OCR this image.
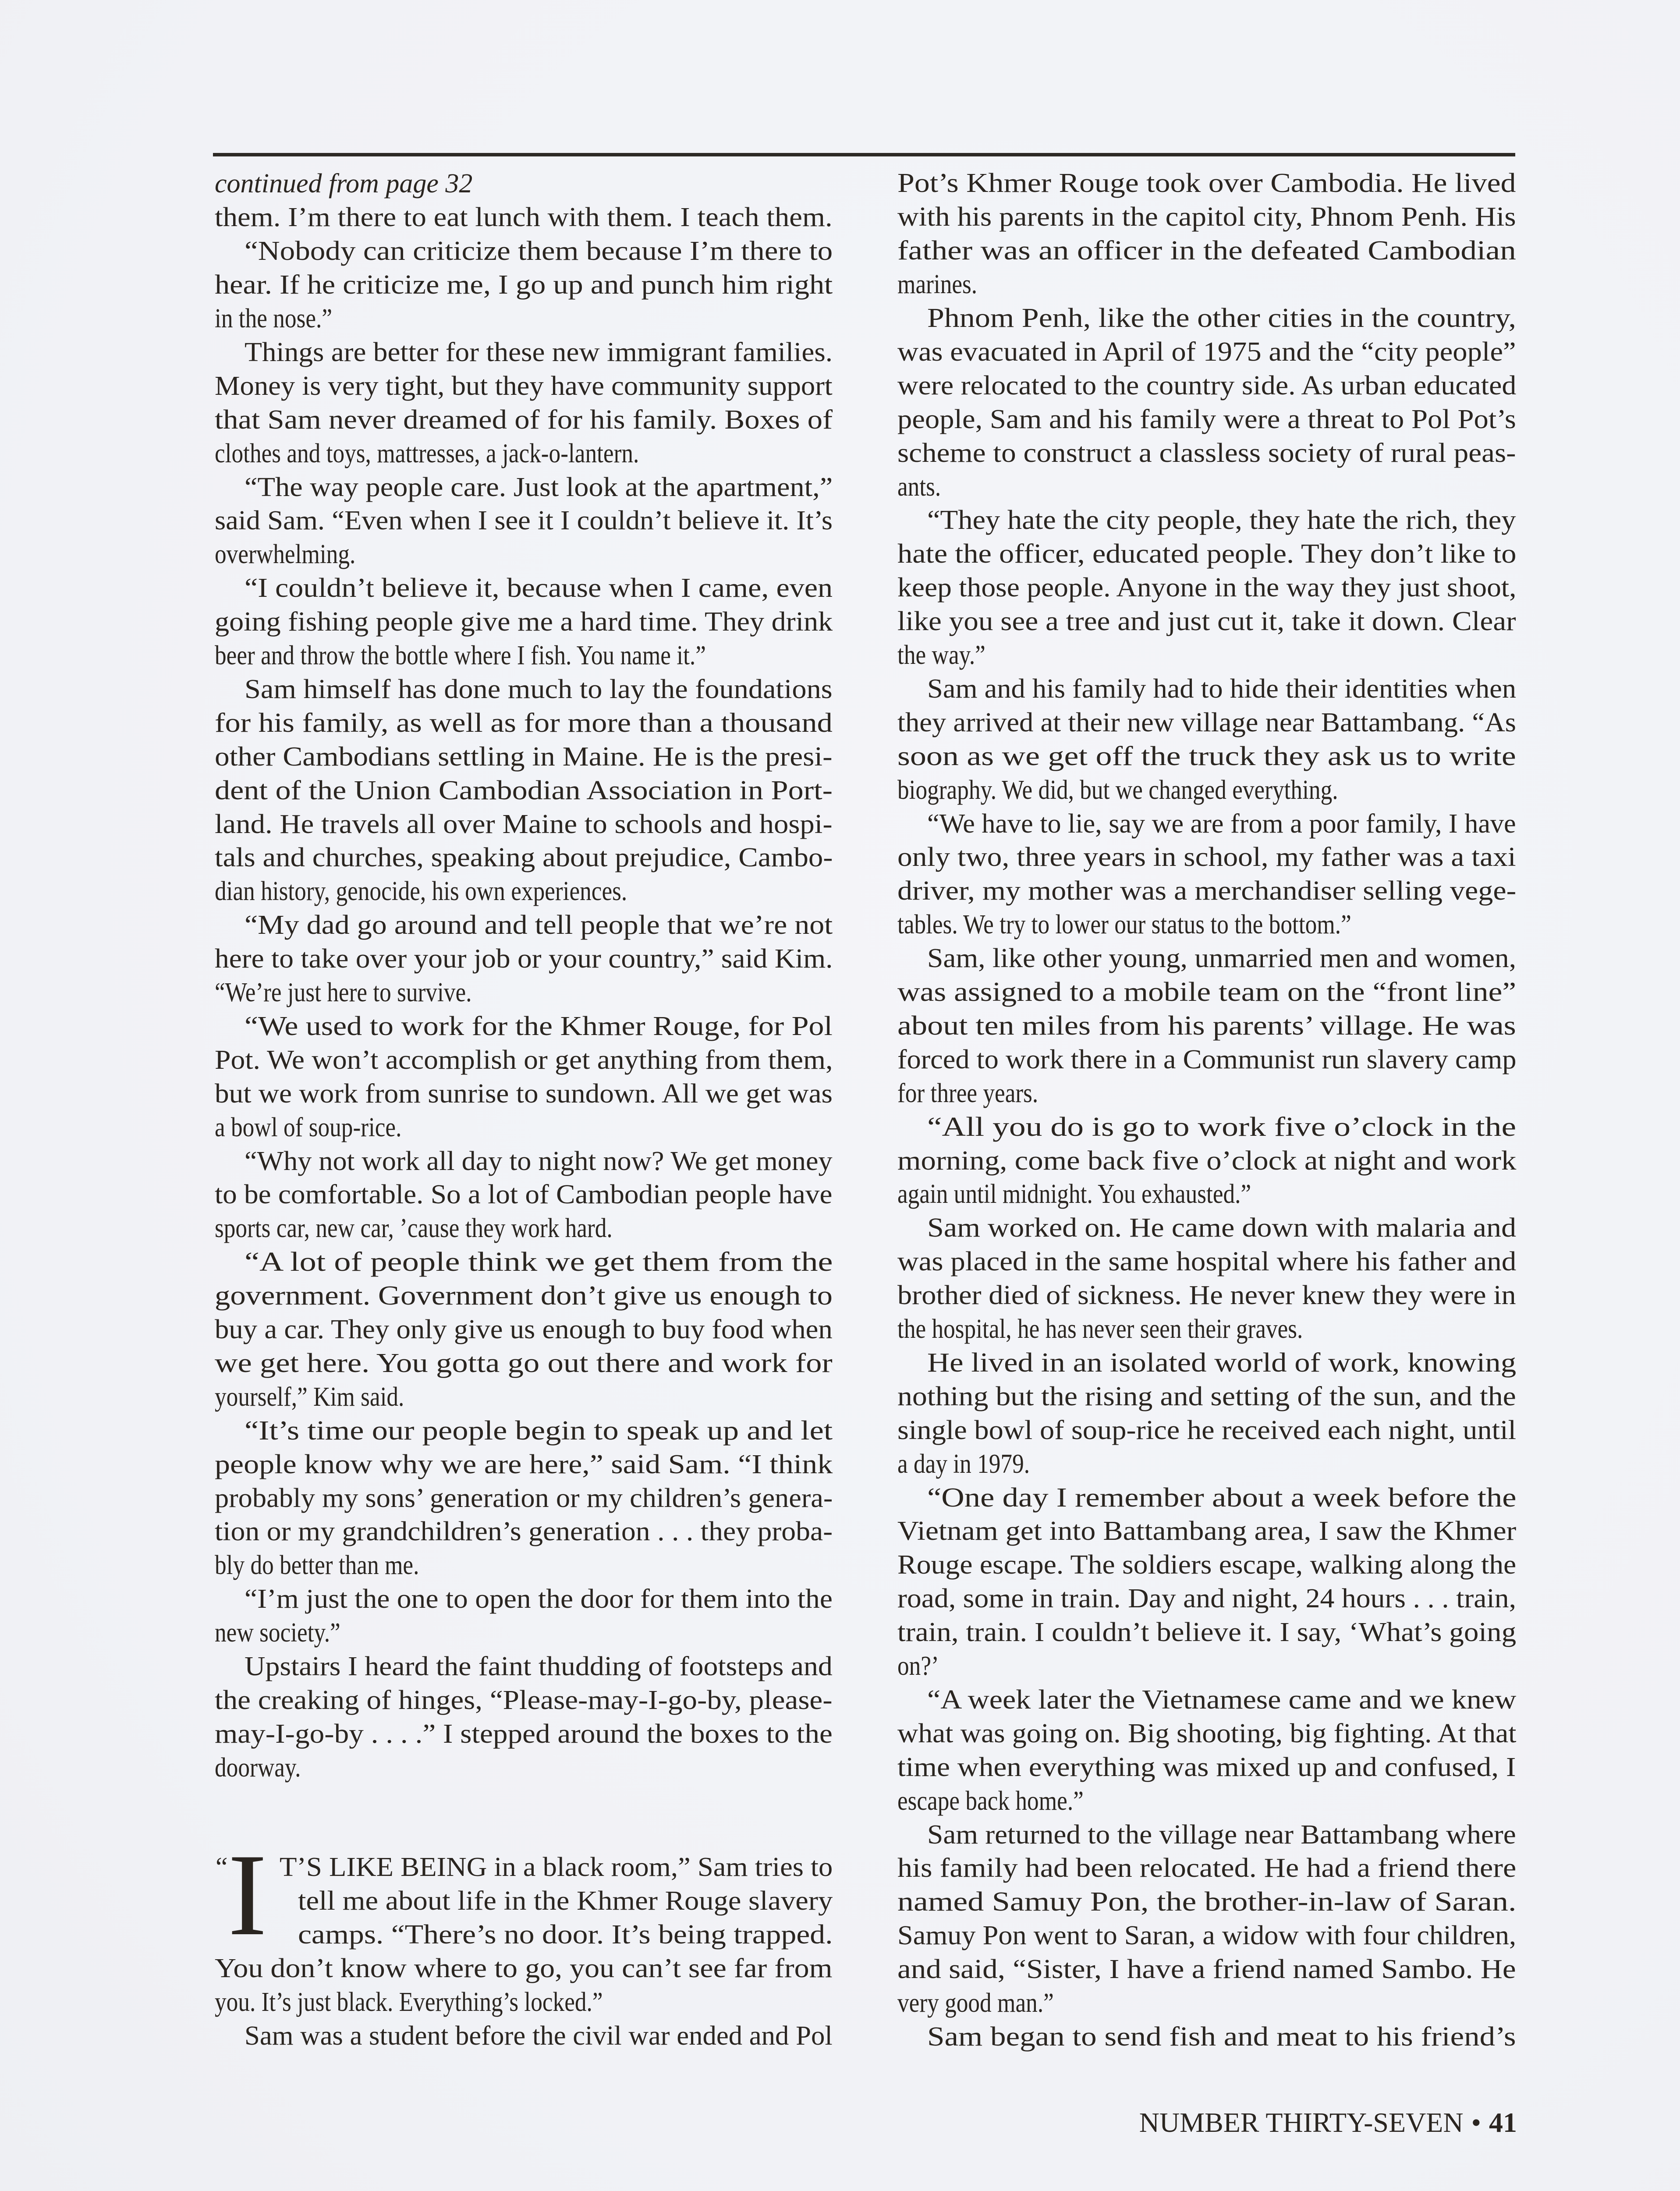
continued from page 32
“ I
them. I’m there to eat lunch with them. I teach them.
“Nobody can criticize them because I’m there to
hear. If he criticize me, I go up and punch him right
in the nose.”
Things are better for these new immigrant families.
Money is very tight, but they have community support
that Sam never dreamed of for his family. Boxes of
clothes and toys, mattresses, a jack-o-lantern.
“The way people care. Just look at the apartment,”
said Sam. “Even when I see it I couldn’t believe it. It’s
overwhelming.
“I couldn’t believe it, because when I came, even
going fishing people give me a hard time. They drink
beer and throw the bottle where I fish. You name it.”
Sam himself has done much to lay the foundations
for his family, as well as for more than a thousand
other Cambodians settling in Maine. He is the presi-
dent of the Union Cambodian Association in Port-
land. He travels all over Maine to schools and hospi-
tals and churches, speaking about prejudice, Cambo-
dian history, genocide, his own experiences.
“My dad go around and tell people that we’re not
here to take over your job or your country,” said Kim.
“We’re just here to survive.
“We used to work for the Khmer Rouge, for Pol
Pot. We won’t accomplish or get anything from them,
but we work from sunrise to sundown. All we get was
a bowl of soup-rice.
“Why not work all day to night now? We get money
to be comfortable. So a lot of Cambodian people have
sports car, new car, ’cause they work hard.
“A lot of people think we get them from the
government. Government don’t give us enough to
buy a car. They only give us enough to buy food when
we get here. You gotta go out there and work for
yourself,” Kim said.
“It’s time our people begin to speak up and let
people know why we are here,” said Sam. “I think
probably my sons’ generation or my children’s genera-
tion or my grandchildren’s generation . . . they proba-
bly do better than me.
“I’m just the one to open the door for them into the
new society.”
Upstairs I heard the faint thudding of footsteps and
the creaking of hinges, “Please-may-I-go-by, please-
may-I-go-by . . . .” I stepped around the boxes to the
doorway.
T’S LIKE BEING in a black room,” Sam tries to
tell me about life in the Khmer Rouge slavery
camps. “There’s no door. It’s being trapped.
You don’t know where to go, you can’t see far from
you. It’s just black. Everything’s locked.”
Sam was a student before the civil war ended and Pol
Pot’s Khmer Rouge took over Cambodia. He lived
with his parents in the capitol city, Phnom Penh. His
father was an officer in the defeated Cambodian
marines.
Phnom Penh, like the other cities in the country,
was evacuated in April of 1975 and the “city people”
were relocated to the country side. As urban educated
people, Sam and his family were a threat to Pol Pot’s
scheme to construct a classless society of rural peas-
ants.
“They hate the city people, they hate the rich, they
hate the officer, educated people. They don’t like to
keep those people. Anyone in the way they just shoot,
like you see a tree and just cut it, take it down. Clear
the way.”
Sam and his family had to hide their identities when
they arrived at their new village near Battambang. “As
soon as we get off the truck they ask us to write
biography. We did, but we changed everything.
“We have to lie, say we are from a poor family, I have
only two, three years in school, my father was a taxi
driver, my mother was a merchandiser selling vege-
tables. We try to lower our status to the bottom.”
Sam, like other young, unmarried men and women,
was assigned to a mobile team on the “front line”
about ten miles from his parents’ village. He was
forced to work there in a Communist run slavery camp
for three years.
“All you do is go to work five o’clock in the
morning, come back five o’clock at night and work
again until midnight. You exhausted.”
Sam worked on. He came down with malaria and
was placed in the same hospital where his father and
brother died of sickness. He never knew they were in
the hospital, he has never seen their graves.
He lived in an isolated world of work, knowing
nothing but the rising and setting of the sun, and the
single bowl of soup-rice he received each night, until
a day in 1979.
“One day I remember about a week before the
Vietnam get into Battambang area, I saw the Khmer
Rouge escape. The soldiers escape, walking along the
road, some in train. Day and night, 24 hours . . . train,
train, train. I couldn’t believe it. I say, ‘What’s going
on?’
“A week later the Vietnamese came and we knew
what was going on. Big shooting, big fighting. At that
time when everything was mixed up and confused, I
escape back home.”
Sam returned to the village near Battambang where
his family had been relocated. He had a friend there
named Samuy Pon, the brother-in-law of Saran.
Samuy Pon went to Saran, a widow with four children,
and said, “Sister, I have a friend named Sambo. He
very good man.”
Sam began to send fish and meat to his friend’s
NUMBER THIRTY-SEVEN • 41
